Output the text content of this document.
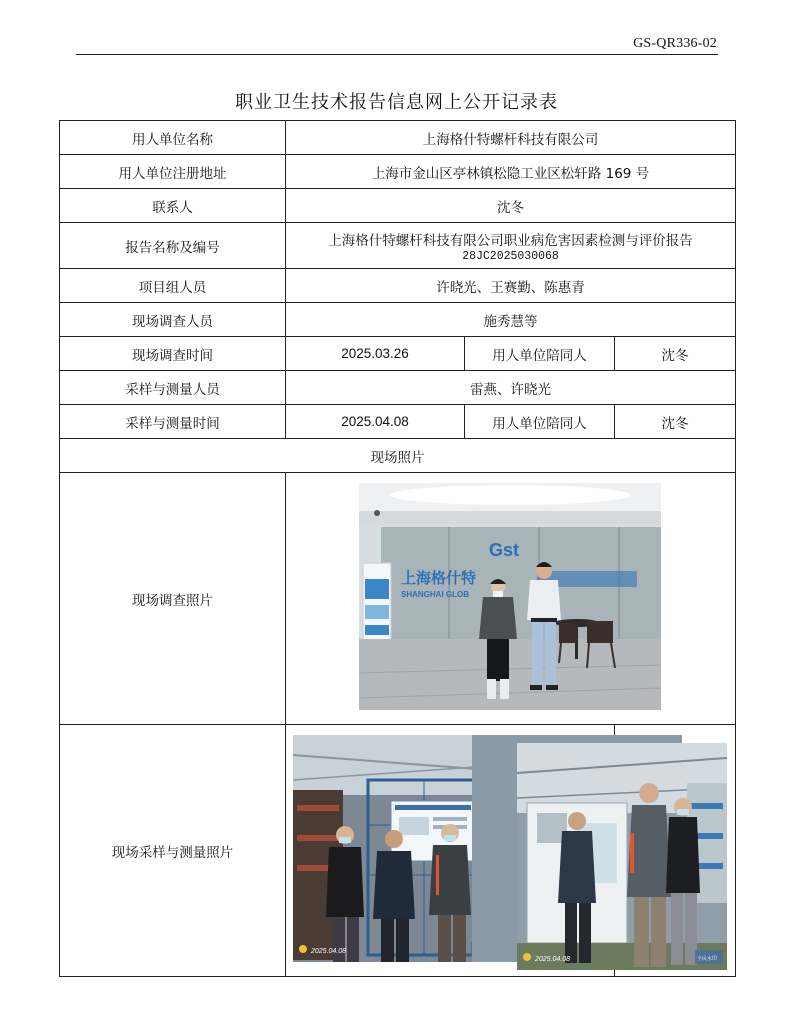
GS-QR336-02
职业卫生技术报告信息网上公开记录表
用人单位名称	上海格什特螺杆科技有限公司		
用人单位注册地址	上海市金山区亭林镇松隐工业区松轩路 169 号		
联系人	沈冬		
报告名称及编号	上海格什特螺杆科技有限公司职业病危害因素检测与评价报告
28JC2025030068		

项目组人员	许晓光、王赛勤、陈惠青		
现场调查人员	施秀慧等		
现场调查时间	2025.03.26	用人单位陪同人	沈冬
采样与测量人员	雷燕、许晓光		
采样与测量时间	2025.04.08	用人单位陪同人	沈冬
现场照片			
现场调查照片	Gst
上海格什特
SHANGHAI GLOB		

现场采样与测量照片	2025.04.08		

2025.04.08	全民水印
